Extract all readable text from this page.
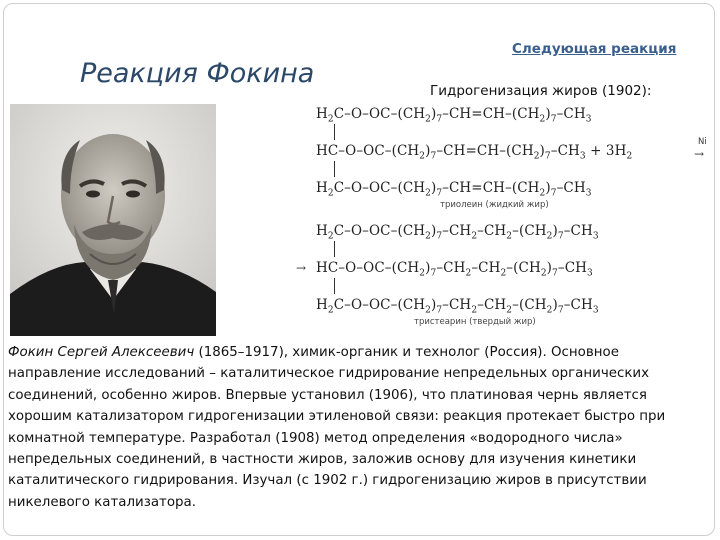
Следующая реакция
Реакция Фокина
Гидрогенизация жиров (1902):
$H_2C-O-OC-(CH_2)_7-CH=CH-(CH_2)_7-CH_3$
$HC-O-OC-(CH_2)_7-CH=CH-(CH_2)_7-CH_3 + 3H_2$
Ni
→
$H_2C-O-OC-(CH_2)_7-CH=CH-(CH_2)_7-CH_3$
триолеин (жидкий жир)
$H_2C-O-OC-(CH_2)_7-CH_2-CH_2-(CH_2)_7-CH_3$
→ $HC-O-OC-(CH_2)_7-CH_2-CH_2-(CH_2)_7-CH_3$
$H_2C-O-OC-(CH_2)_7-CH_2-CH_2-(CH_2)_7-CH_3$
тристеарин (твердый жир)

Фокин Сергей Алексеевич (1865–1917), химик-органик и технолог (Россия). Основное направление исследований – каталитическое гидрирование непредельных органических соединений, особенно жиров. Впервые установил (1906), что платиновая чернь является хорошим катализатором гидрогенизации этиленовой связи: реакция протекает быстро при комнатной температуре. Разработал (1908) метод определения «водородного числа» непредельных соединений, в частности жиров, заложив основу для изучения кинетики каталитического гидрирования. Изучал (с 1902 г.) гидрогенизацию жиров в присутствии никелевого катализатора.
